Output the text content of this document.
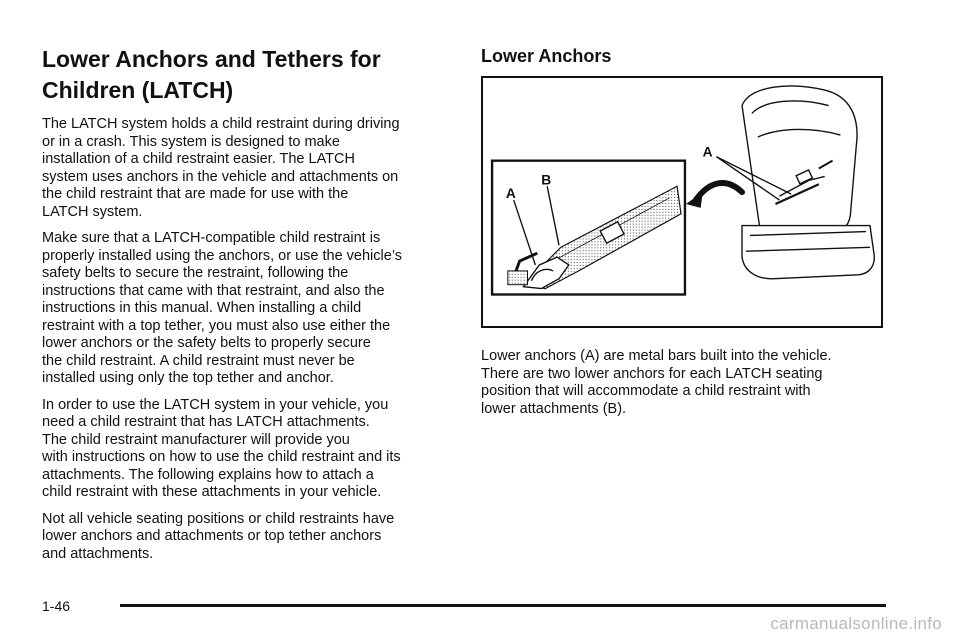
Lower Anchors and Tethers for Children (LATCH)

The LATCH system holds a child restraint during driving
or in a crash. This system is designed to make
installation of a child restraint easier. The LATCH
system uses anchors in the vehicle and attachments on
the child restraint that are made for use with the
LATCH system.

Make sure that a LATCH-compatible child restraint is
properly installed using the anchors, or use the vehicle’s
safety belts to secure the restraint, following the
instructions that came with that restraint, and also the
instructions in this manual. When installing a child
restraint with a top tether, you must also use either the
lower anchors or the safety belts to properly secure
the child restraint. A child restraint must never be
installed using only the top tether and anchor.

In order to use the LATCH system in your vehicle, you
need a child restraint that has LATCH attachments.
The child restraint manufacturer will provide you
with instructions on how to use the child restraint and its
attachments. The following explains how to attach a
child restraint with these attachments in your vehicle.

Not all vehicle seating positions or child restraints have
lower anchors and attachments or top tether anchors
and attachments.

Lower Anchors
A
A
B

Lower anchors (A) are metal bars built into the vehicle.
There are two lower anchors for each LATCH seating
position that will accommodate a child restraint with
lower attachments (B).

1-46
carmanualsonline.info
